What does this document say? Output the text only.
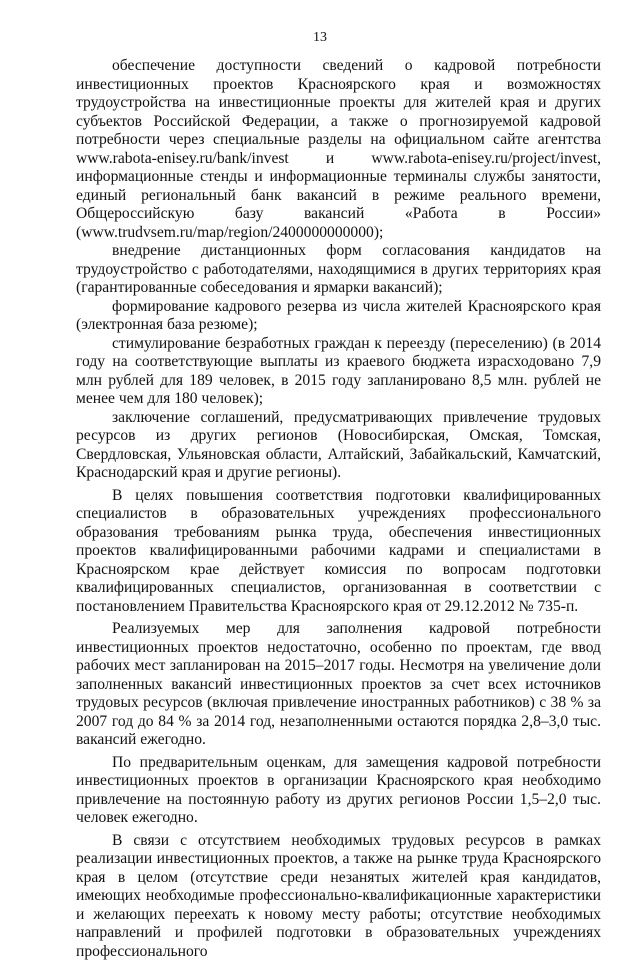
13

обеспечение доступности сведений о кадровой потребности инвестиционных проектов Красноярского края и возможностях трудоустройства на инвестиционные проекты для жителей края и других субъектов Российской Федерации, а также о прогнозируемой кадровой потребности через специальные разделы на официальном сайте агентства www.rabota-enisey.ru/bank/invest и www.rabota-enisey.ru/project/invest, информационные стенды и информационные терминалы службы занятости, единый региональный банк вакансий в режиме реального времени, Общероссийскую базу вакансий «Работа в России» (www.trudvsem.ru/map/region/2400000000000);

внедрение дистанционных форм согласования кандидатов на трудоустройство с работодателями, находящимися в других территориях края (гарантированные собеседования и ярмарки вакансий);

формирование кадрового резерва из числа жителей Красноярского края (электронная база резюме);

стимулирование безработных граждан к переезду (переселению) (в 2014 году на соответствующие выплаты из краевого бюджета израсходовано 7,9 млн рублей для 189 человек, в 2015 году запланировано 8,5 млн. рублей не менее чем для 180 человек);

заключение соглашений, предусматривающих привлечение трудовых ресурсов из других регионов (Новосибирская, Омская, Томская, Свердловская, Ульяновская области, Алтайский, Забайкальский, Камчатский, Краснодарский края и другие регионы).

В целях повышения соответствия подготовки квалифицированных специалистов в образовательных учреждениях профессионального образования требованиям рынка труда, обеспечения инвестиционных проектов квалифицированными рабочими кадрами и специалистами в Красноярском крае действует комиссия по вопросам подготовки квалифицированных специалистов, организованная в соответствии с постановлением Правительства Красноярского края от 29.12.2012 № 735-п.

Реализуемых мер для заполнения кадровой потребности инвестиционных проектов недостаточно, особенно по проектам, где ввод рабочих мест запланирован на 2015–2017 годы. Несмотря на увеличение доли заполненных вакансий инвестиционных проектов за счет всех источников трудовых ресурсов (включая привлечение иностранных работников) с 38 % за 2007 год до 84 % за 2014 год, незаполненными остаются порядка 2,8–3,0 тыс. вакансий ежегодно.

По предварительным оценкам, для замещения кадровой потребности инвестиционных проектов в организации Красноярского края необходимо привлечение на постоянную работу из других регионов России 1,5–2,0 тыс. человек ежегодно.

В связи с отсутствием необходимых трудовых ресурсов в рамках реализации инвестиционных проектов, а также на рынке труда Красноярского края в целом (отсутствие среди незанятых жителей края кандидатов, имеющих необходимые профессионально-квалификационные характеристики и желающих переехать к новому месту работы; отсутствие необходимых направлений и профилей подготовки в образовательных учреждениях профессионального
